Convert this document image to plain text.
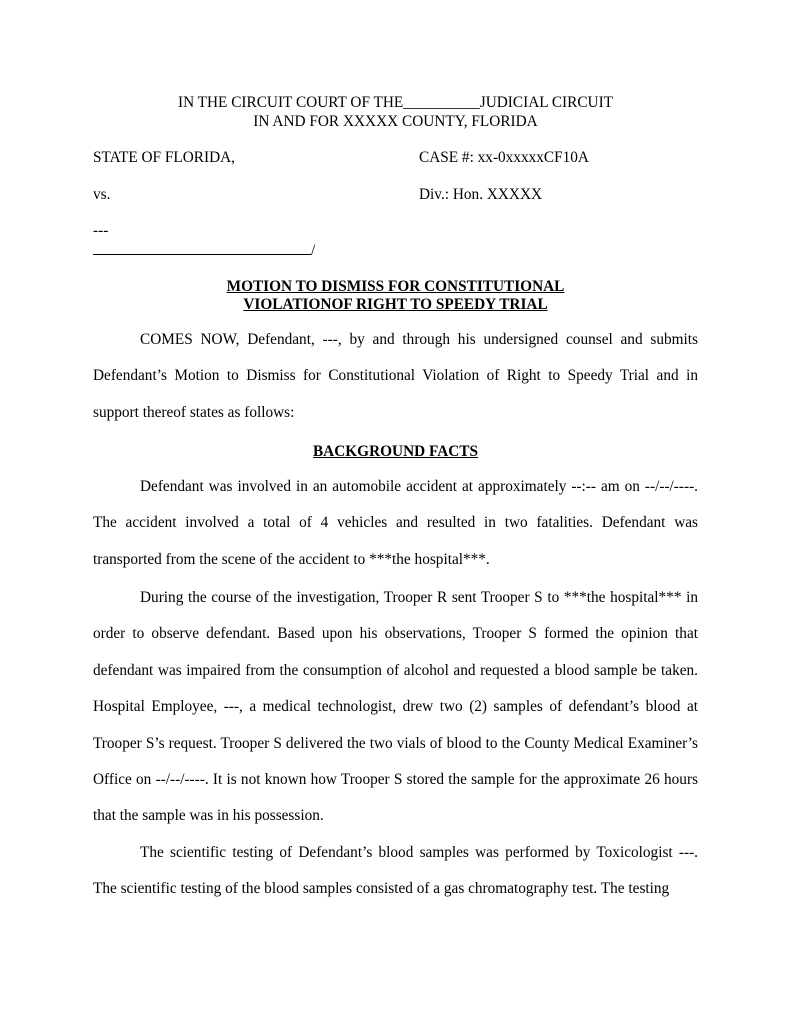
IN THE CIRCUIT COURT OF THE__________JUDICIAL CIRCUIT
IN AND FOR XXXXX COUNTY, FLORIDA
STATE OF FLORIDA,	CASE #: xx-0xxxxxCF10A
vs.	Div.: Hon. XXXXX
---
/
MOTION TO DISMISS FOR CONSTITUTIONAL
VIOLATIONOF RIGHT TO SPEEDY TRIAL
COMES NOW, Defendant, ---, by and through his undersigned counsel and submits Defendant’s Motion to Dismiss for Constitutional Violation of Right to Speedy Trial and in support thereof states as follows:
BACKGROUND FACTS
Defendant was involved in an automobile accident at approximately --:-- am on --/--/----. The accident involved a total of 4 vehicles and resulted in two fatalities. Defendant was transported from the scene of the accident to ***the hospital***.
During the course of the investigation, Trooper R sent Trooper S to ***the hospital*** in order to observe defendant. Based upon his observations, Trooper S formed the opinion that defendant was impaired from the consumption of alcohol and requested a blood sample be taken. Hospital Employee, ---, a medical technologist, drew two (2) samples of defendant’s blood at Trooper S’s request. Trooper S delivered the two vials of blood to the County Medical Examiner’s Office on --/--/----. It is not known how Trooper S stored the sample for the approximate 26 hours that the sample was in his possession.
The scientific testing of Defendant’s blood samples was performed by Toxicologist ---. The scientific testing of the blood samples consisted of a gas chromatography test. The testing
